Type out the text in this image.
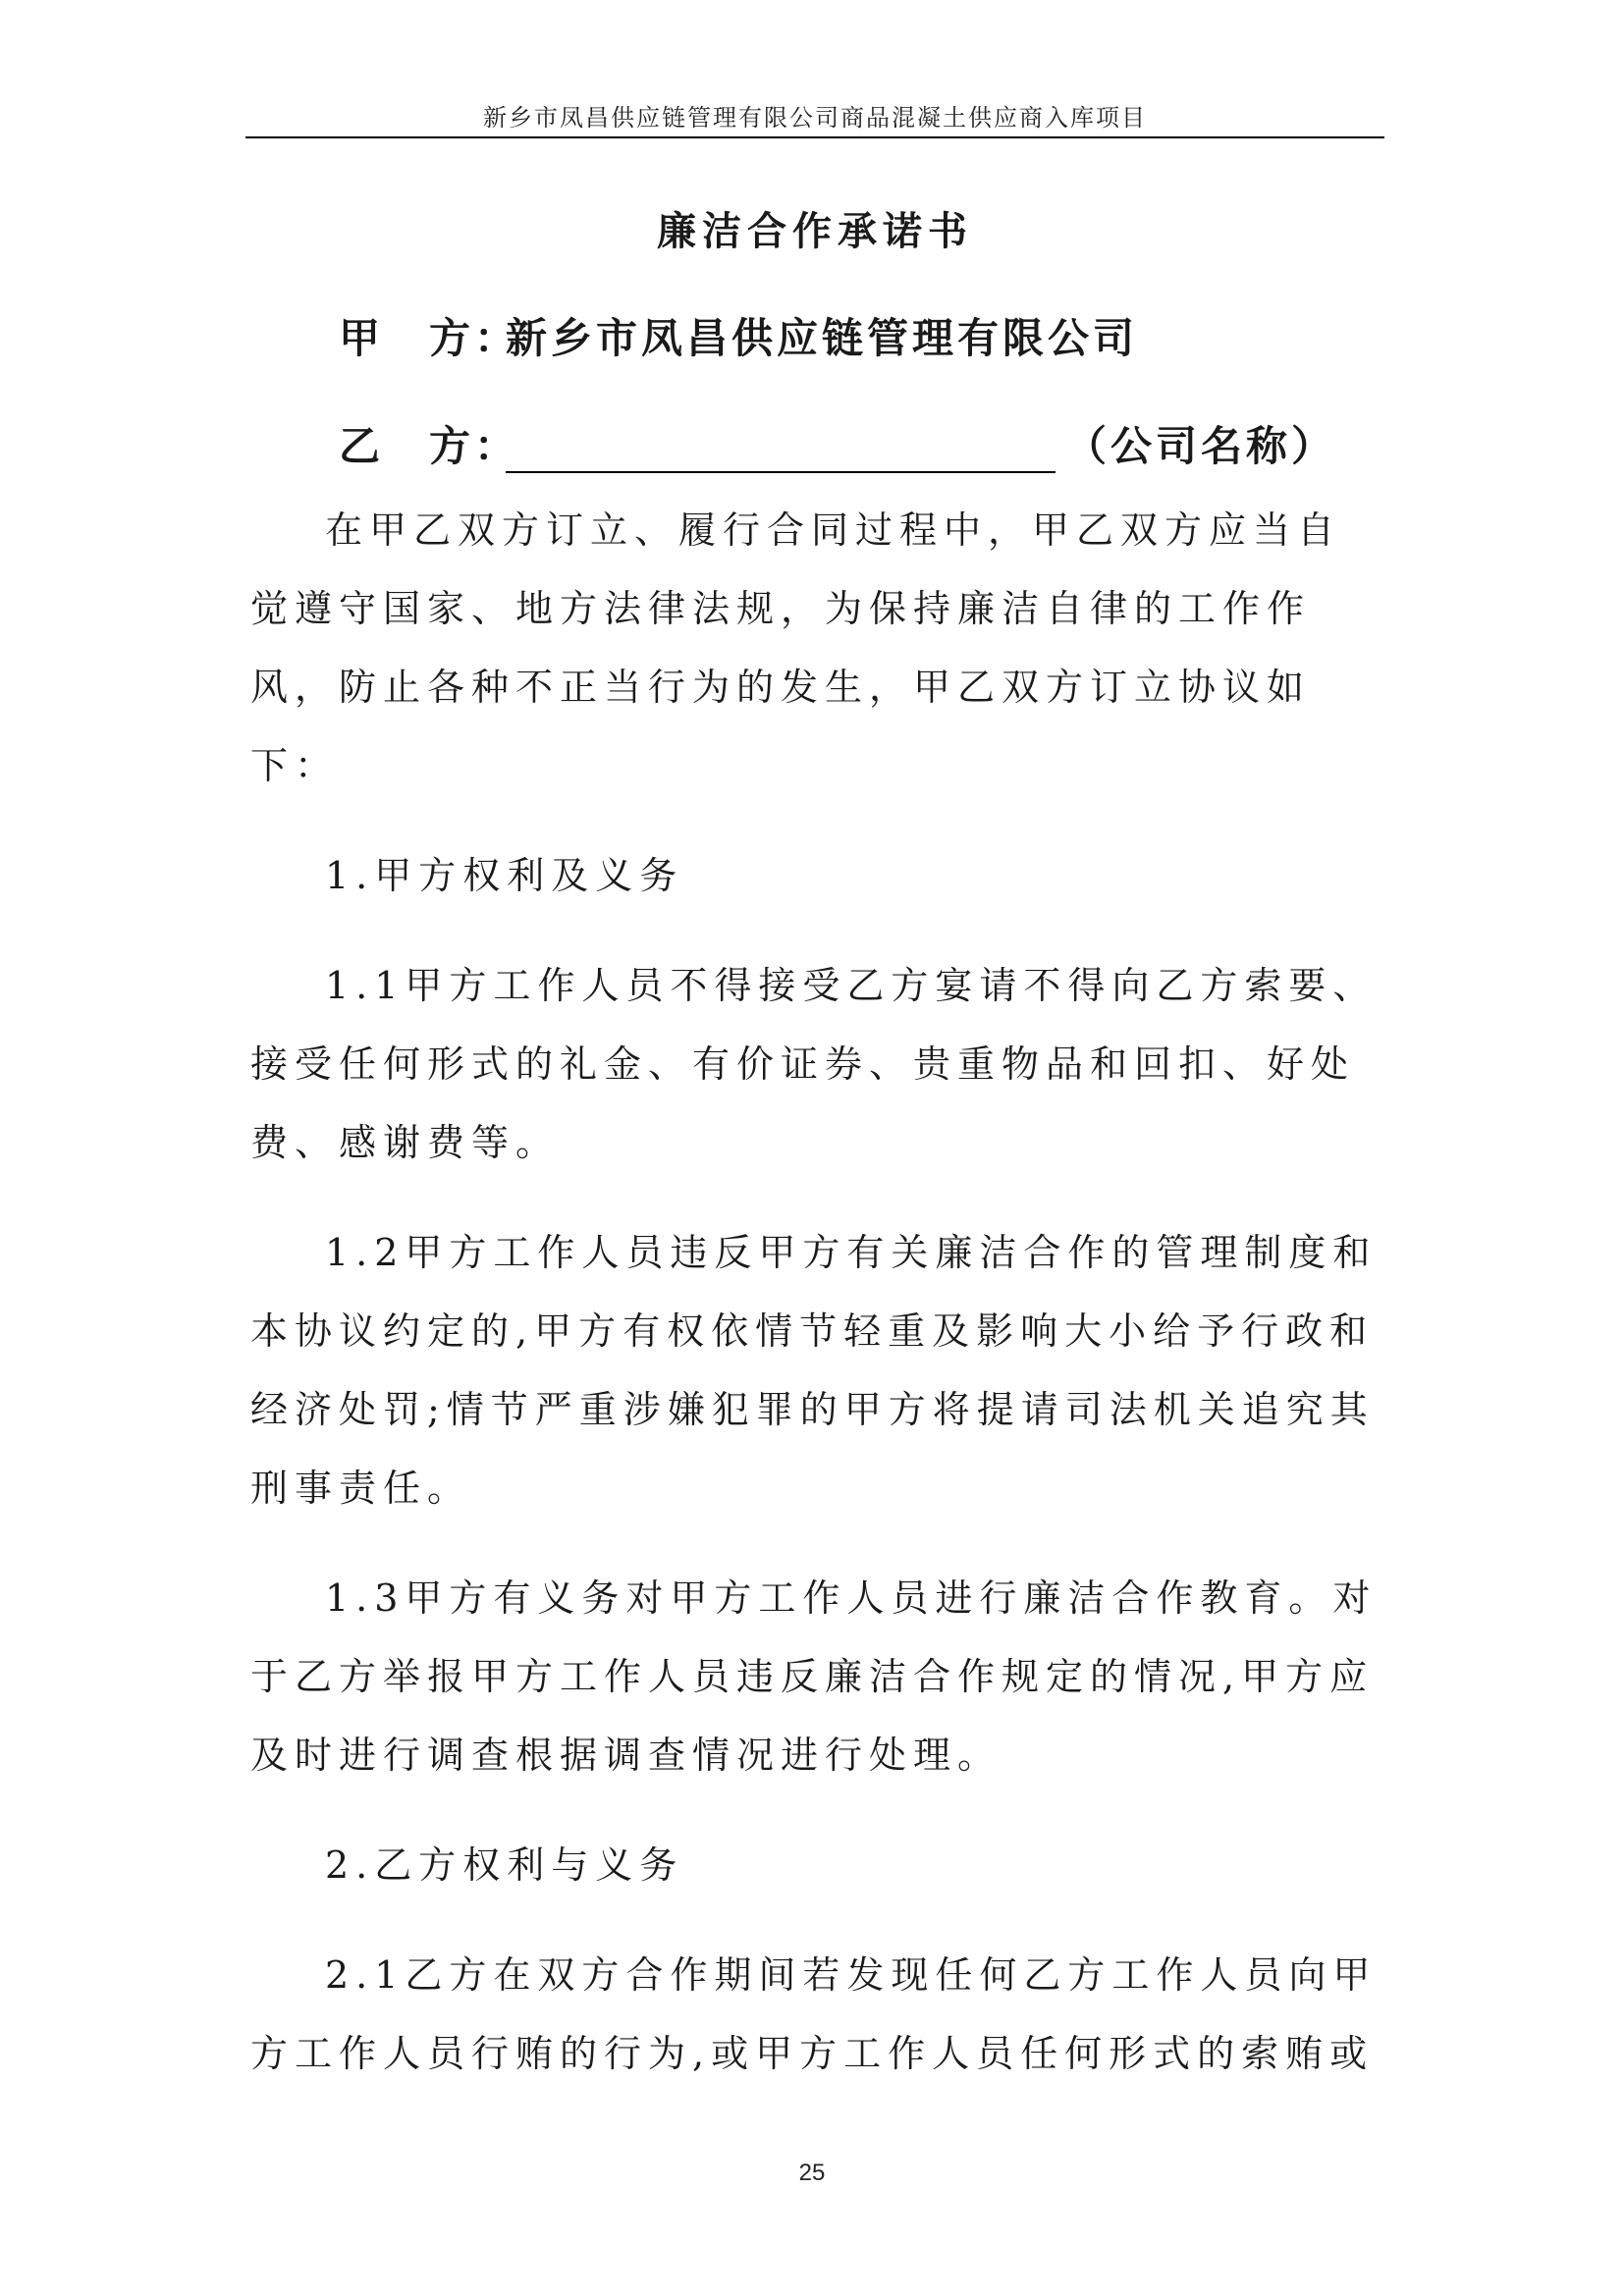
新乡市凤昌供应链管理有限公司商品混凝土供应商入库项目
廉洁合作承诺书
甲　方：新乡市凤昌供应链管理有限公司
乙　方：	（公司名称）

在甲乙双方订立、履行合同过程中，甲乙双方应当自觉遵守国家、地方法律法规，为保持廉洁自律的工作作风，防止各种不正当行为的发生，甲乙双方订立协议如下：

1.甲方权利及义务

1.1甲方工作人员不得接受乙方宴请不得向乙方索要、接受任何形式的礼金、有价证券、贵重物品和回扣、好处费、感谢费等。

1.2甲方工作人员违反甲方有关廉洁合作的管理制度和本协议约定的,甲方有权依情节轻重及影响大小给予行政和经济处罚;情节严重涉嫌犯罪的甲方将提请司法机关追究其刑事责任。

1.3甲方有义务对甲方工作人员进行廉洁合作教育。对于乙方举报甲方工作人员违反廉洁合作规定的情况,甲方应及时进行调查根据调查情况进行处理。

2.乙方权利与义务

2.1乙方在双方合作期间若发现任何乙方工作人员向甲方工作人员行贿的行为,或甲方工作人员任何形式的索贿或

25
